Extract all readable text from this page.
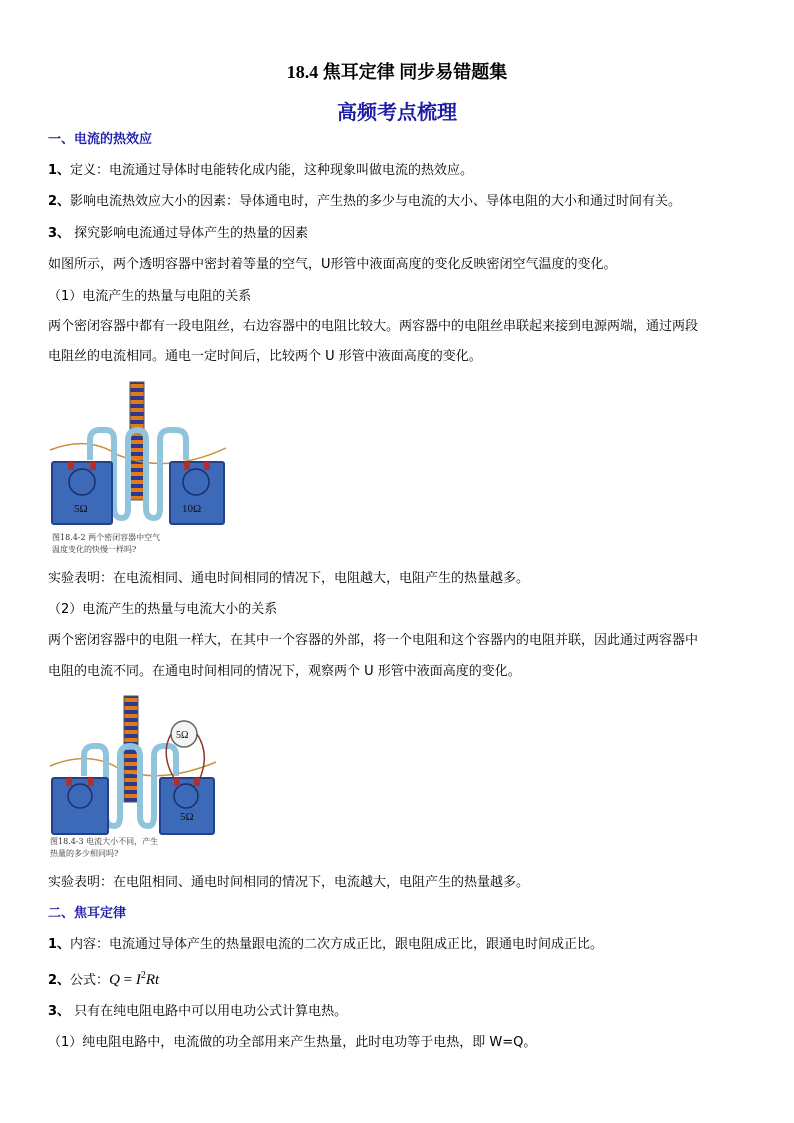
18.4 焦耳定律 同步易错题集
高频考点梳理
一、电流的热效应
1、定义：电流通过导体时电能转化成内能，这种现象叫做电流的热效应。
2、影响电流热效应大小的因素：导体通电时，产生热的多少与电流的大小、导体电阻的大小和通过时间有关。
3、 探究影响电流通过导体产生的热量的因素
如图所示，两个透明容器中密封着等量的空气，U形管中液面高度的变化反映密闭空气温度的变化。
（1）电流产生的热量与电阻的关系
两个密闭容器中都有一段电阻丝，右边容器中的电阻比较大。两容器中的电阻丝串联起来接到电源两端，通过两段
电阻丝的电流相同。通电一定时间后，比较两个 U 形管中液面高度的变化。
5Ω	10Ω
图18.4-2 两个密闭容器中空气
温度变化的快慢一样吗?
实验表明：在电流相同、通电时间相同的情况下，电阻越大，电阻产生的热量越多。
（2）电流产生的热量与电流大小的关系
两个密闭容器中的电阻一样大，在其中一个容器的外部，将一个电阻和这个容器内的电阻并联，因此通过两容器中
电阻的电流不同。在通电时间相同的情况下，观察两个 U 形管中液面高度的变化。
5Ω
5Ω
图18.4-3 电流大小不同，产生
热量的多少相同吗?
实验表明：在电阻相同、通电时间相同的情况下，电流越大，电阻产生的热量越多。
二、焦耳定律
1、内容：电流通过导体产生的热量跟电流的二次方成正比，跟电阻成正比，跟通电时间成正比。
2、公式：$Q = I^2Rt$
3、 只有在纯电阻电路中可以用电功公式计算电热。
（1）纯电阻电路中，电流做的功全部用来产生热量，此时电功等于电热，即 W=Q。
